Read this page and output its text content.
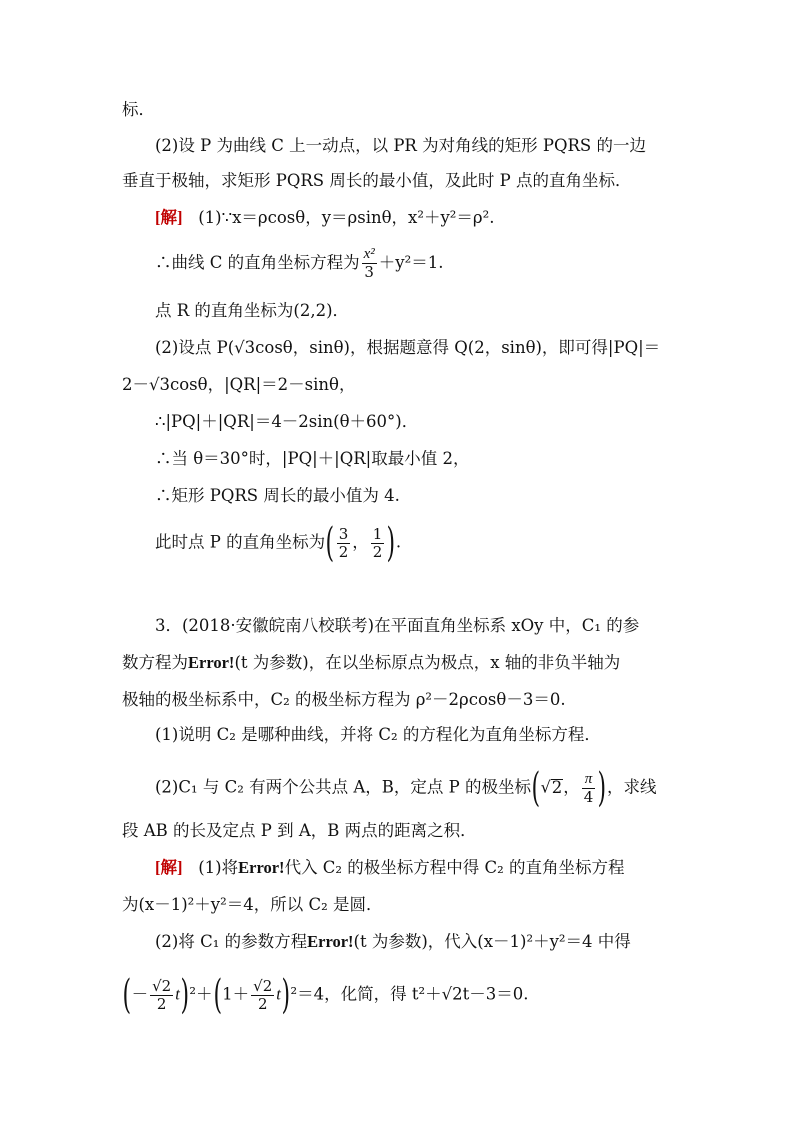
标．
(2)设 P 为曲线 C 上一动点，以 PR 为对角线的矩形 PQRS 的一边
垂直于极轴，求矩形 PQRS 周长的最小值，及此时 P 点的直角坐标．
[解] (1)∵x＝ρcosθ，y＝ρsinθ，x²＋y²＝ρ².
∴曲线 C 的直角坐标方程为 $\frac{\text{x²}}{3} +y^2=1$.
点 R 的直角坐标为(2,2)．
(2)设点 P(√3cosθ，sinθ)，根据题意得 Q(2，sinθ)，即可得|PQ|＝
2－√3cosθ，|QR|＝2－sinθ，
∴|PQ|＋|QR|＝4－2sin(θ＋60°)．
∴当 θ＝30°时，|PQ|＋|QR|取最小值 2，
∴矩形 PQRS 周长的最小值为 4.
此时点 P 的直角坐标为( $\frac{3}{2}$ ， $\frac{1}{2}$ ).
3．(2018·安徽皖南八校联考)在平面直角坐标系 xOy 中，C₁ 的参
数方程为Error!(t 为参数)，在以坐标原点为极点，x 轴的非负半轴为
极轴的极坐标系中，C₂ 的极坐标方程为 ρ²－2ρcosθ－3＝0.
(1)说明 C₂ 是哪种曲线，并将 C₂ 的方程化为直角坐标方程．
(2)C₁ 与 C₂ 有两个公共点 A，B，定点 P 的极坐标(√2， $\frac{\pi}{4}$ )，求线
段 AB 的长及定点 P 到 A，B 两点的距离之积．
[解] (1)将Error!代入 C₂ 的极坐标方程中得 C₂ 的直角坐标方程
为(x－1)²＋y²＝4，所以 C₂ 是圆．
(2)将 C₁ 的参数方程Error!(t 为参数)，代入(x－1)²＋y²＝4 中得
(－ $\frac{√2}{2} t)^2+(1+ \frac{√2}{2} t)^2=4$，化简，得 t²＋√2t－3＝0.
